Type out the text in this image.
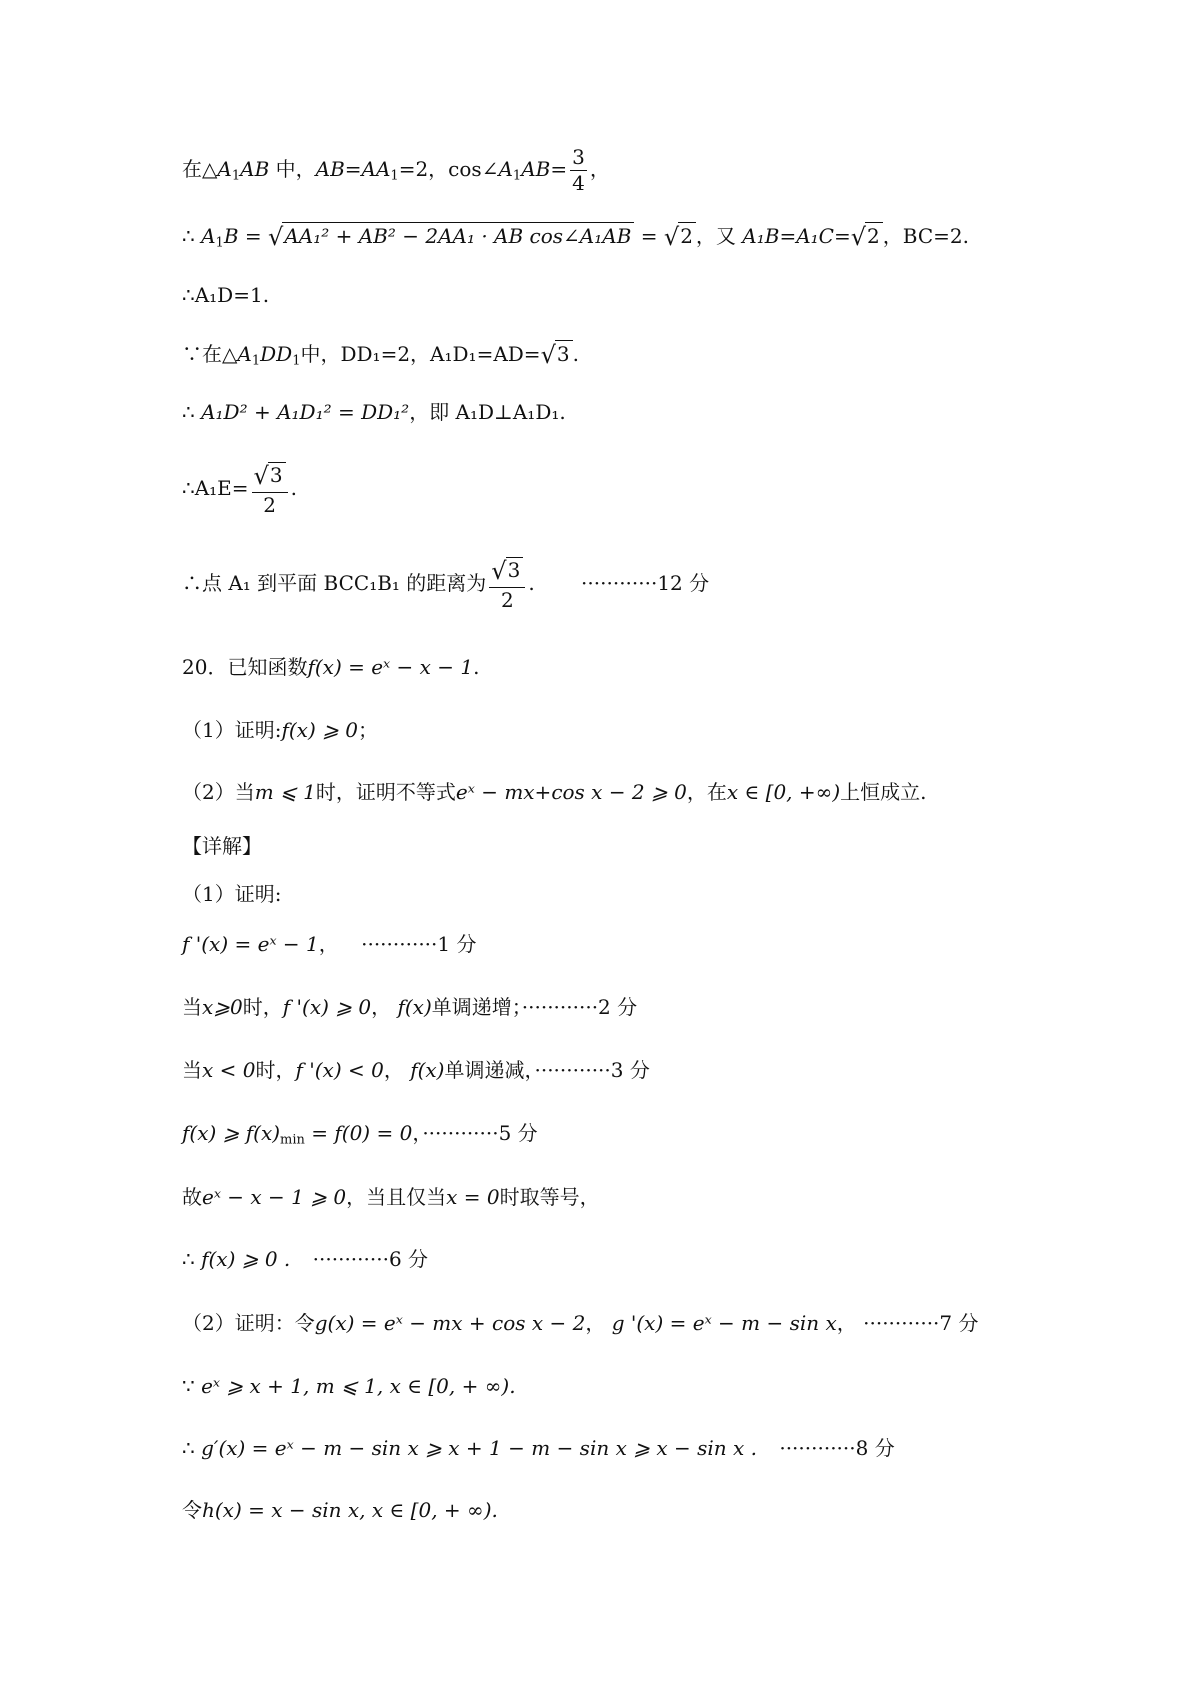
在$\triangle A_1AB$ 中，$AB=AA_1=2$，$\cos\angle A_1AB= \frac{3}{4}$ ，
∴ $A_1B = √AA_1^2 + AB^2 - 2AA_1$ · AB cos∠A₁AB = √2 ，又 A₁B=A₁C=√2 ，BC=2.
∴A₁D=1.
∵在$\triangle A_1DD_1$中，DD₁=2，A₁D₁=AD=√3 .
∴ A₁D² + A₁D₁² = DD₁²，即 A₁D⊥A₁D₁.
∴A₁E= $\frac{√3}{2}$ .
∴点 A₁ 到平面 BCC₁B₁ 的距离为 $\frac{√3}{2}$ . ············12 分
20．已知函数f(x) = eˣ − x − 1.
（1）证明:f(x) ⩾ 0；
（2）当m ⩽ 1时，证明不等式eˣ − mx+cos x − 2 ⩾ 0，在x ∈ [0, +∞)上恒成立.
【详解】
（1）证明:
f '(x) = eˣ − 1， ············1 分
当x⩾0时，f '(x) ⩾ 0， f(x)单调递增；············2 分
当x < 0时，f '(x) < 0， f(x)单调递减，············3 分
f(x) ⩾ $f(x)_{min} = f(0) = 0$，············5 分
故eˣ − x − 1 ⩾ 0，当且仅当x = 0时取等号，
∴ f(x) ⩾ 0 . ············6 分
（2）证明：令g(x) = eˣ − mx + cos x − 2， g '(x) = eˣ − m − sin x， ············7 分
∵ eˣ ⩾ x + 1, m ⩽ 1, x ∈ [0, + ∞).
∴ g′(x) = eˣ − m − sin x ⩾ x + 1 − m − sin x ⩾ x − sin x . ············8 分
令h(x) = x − sin x, x ∈ [0, + ∞).
